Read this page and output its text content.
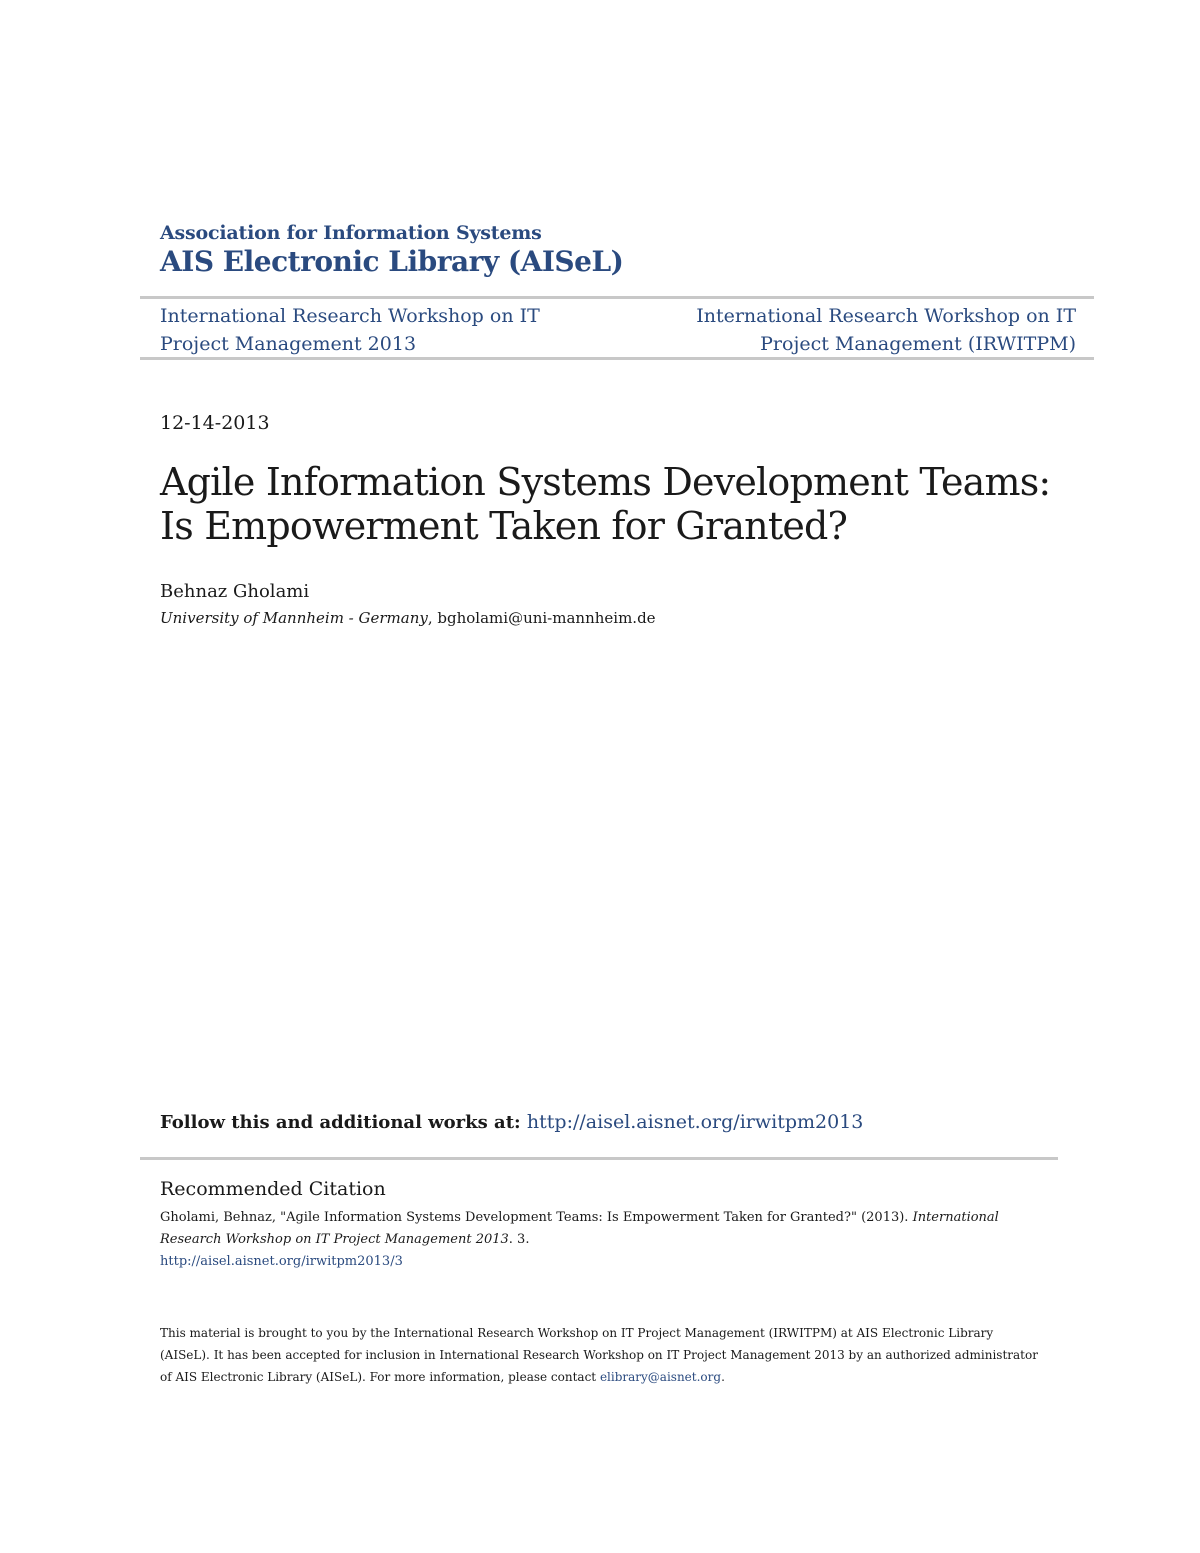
Association for Information Systems
AIS Electronic Library (AISeL)
International Research Workshop on IT Project Management 2013
International Research Workshop on IT Project Management (IRWITPM)
12-14-2013
Agile Information Systems Development Teams: Is Empowerment Taken for Granted?
Behnaz Gholami
University of Mannheim - Germany, bgholami@uni-mannheim.de
Follow this and additional works at: http://aisel.aisnet.org/irwitpm2013
Recommended Citation
Gholami, Behnaz, "Agile Information Systems Development Teams: Is Empowerment Taken for Granted?" (2013). International Research Workshop on IT Project Management 2013. 3.
http://aisel.aisnet.org/irwitpm2013/3
This material is brought to you by the International Research Workshop on IT Project Management (IRWITPM) at AIS Electronic Library (AISeL). It has been accepted for inclusion in International Research Workshop on IT Project Management 2013 by an authorized administrator of AIS Electronic Library (AISeL). For more information, please contact elibrary@aisnet.org.
